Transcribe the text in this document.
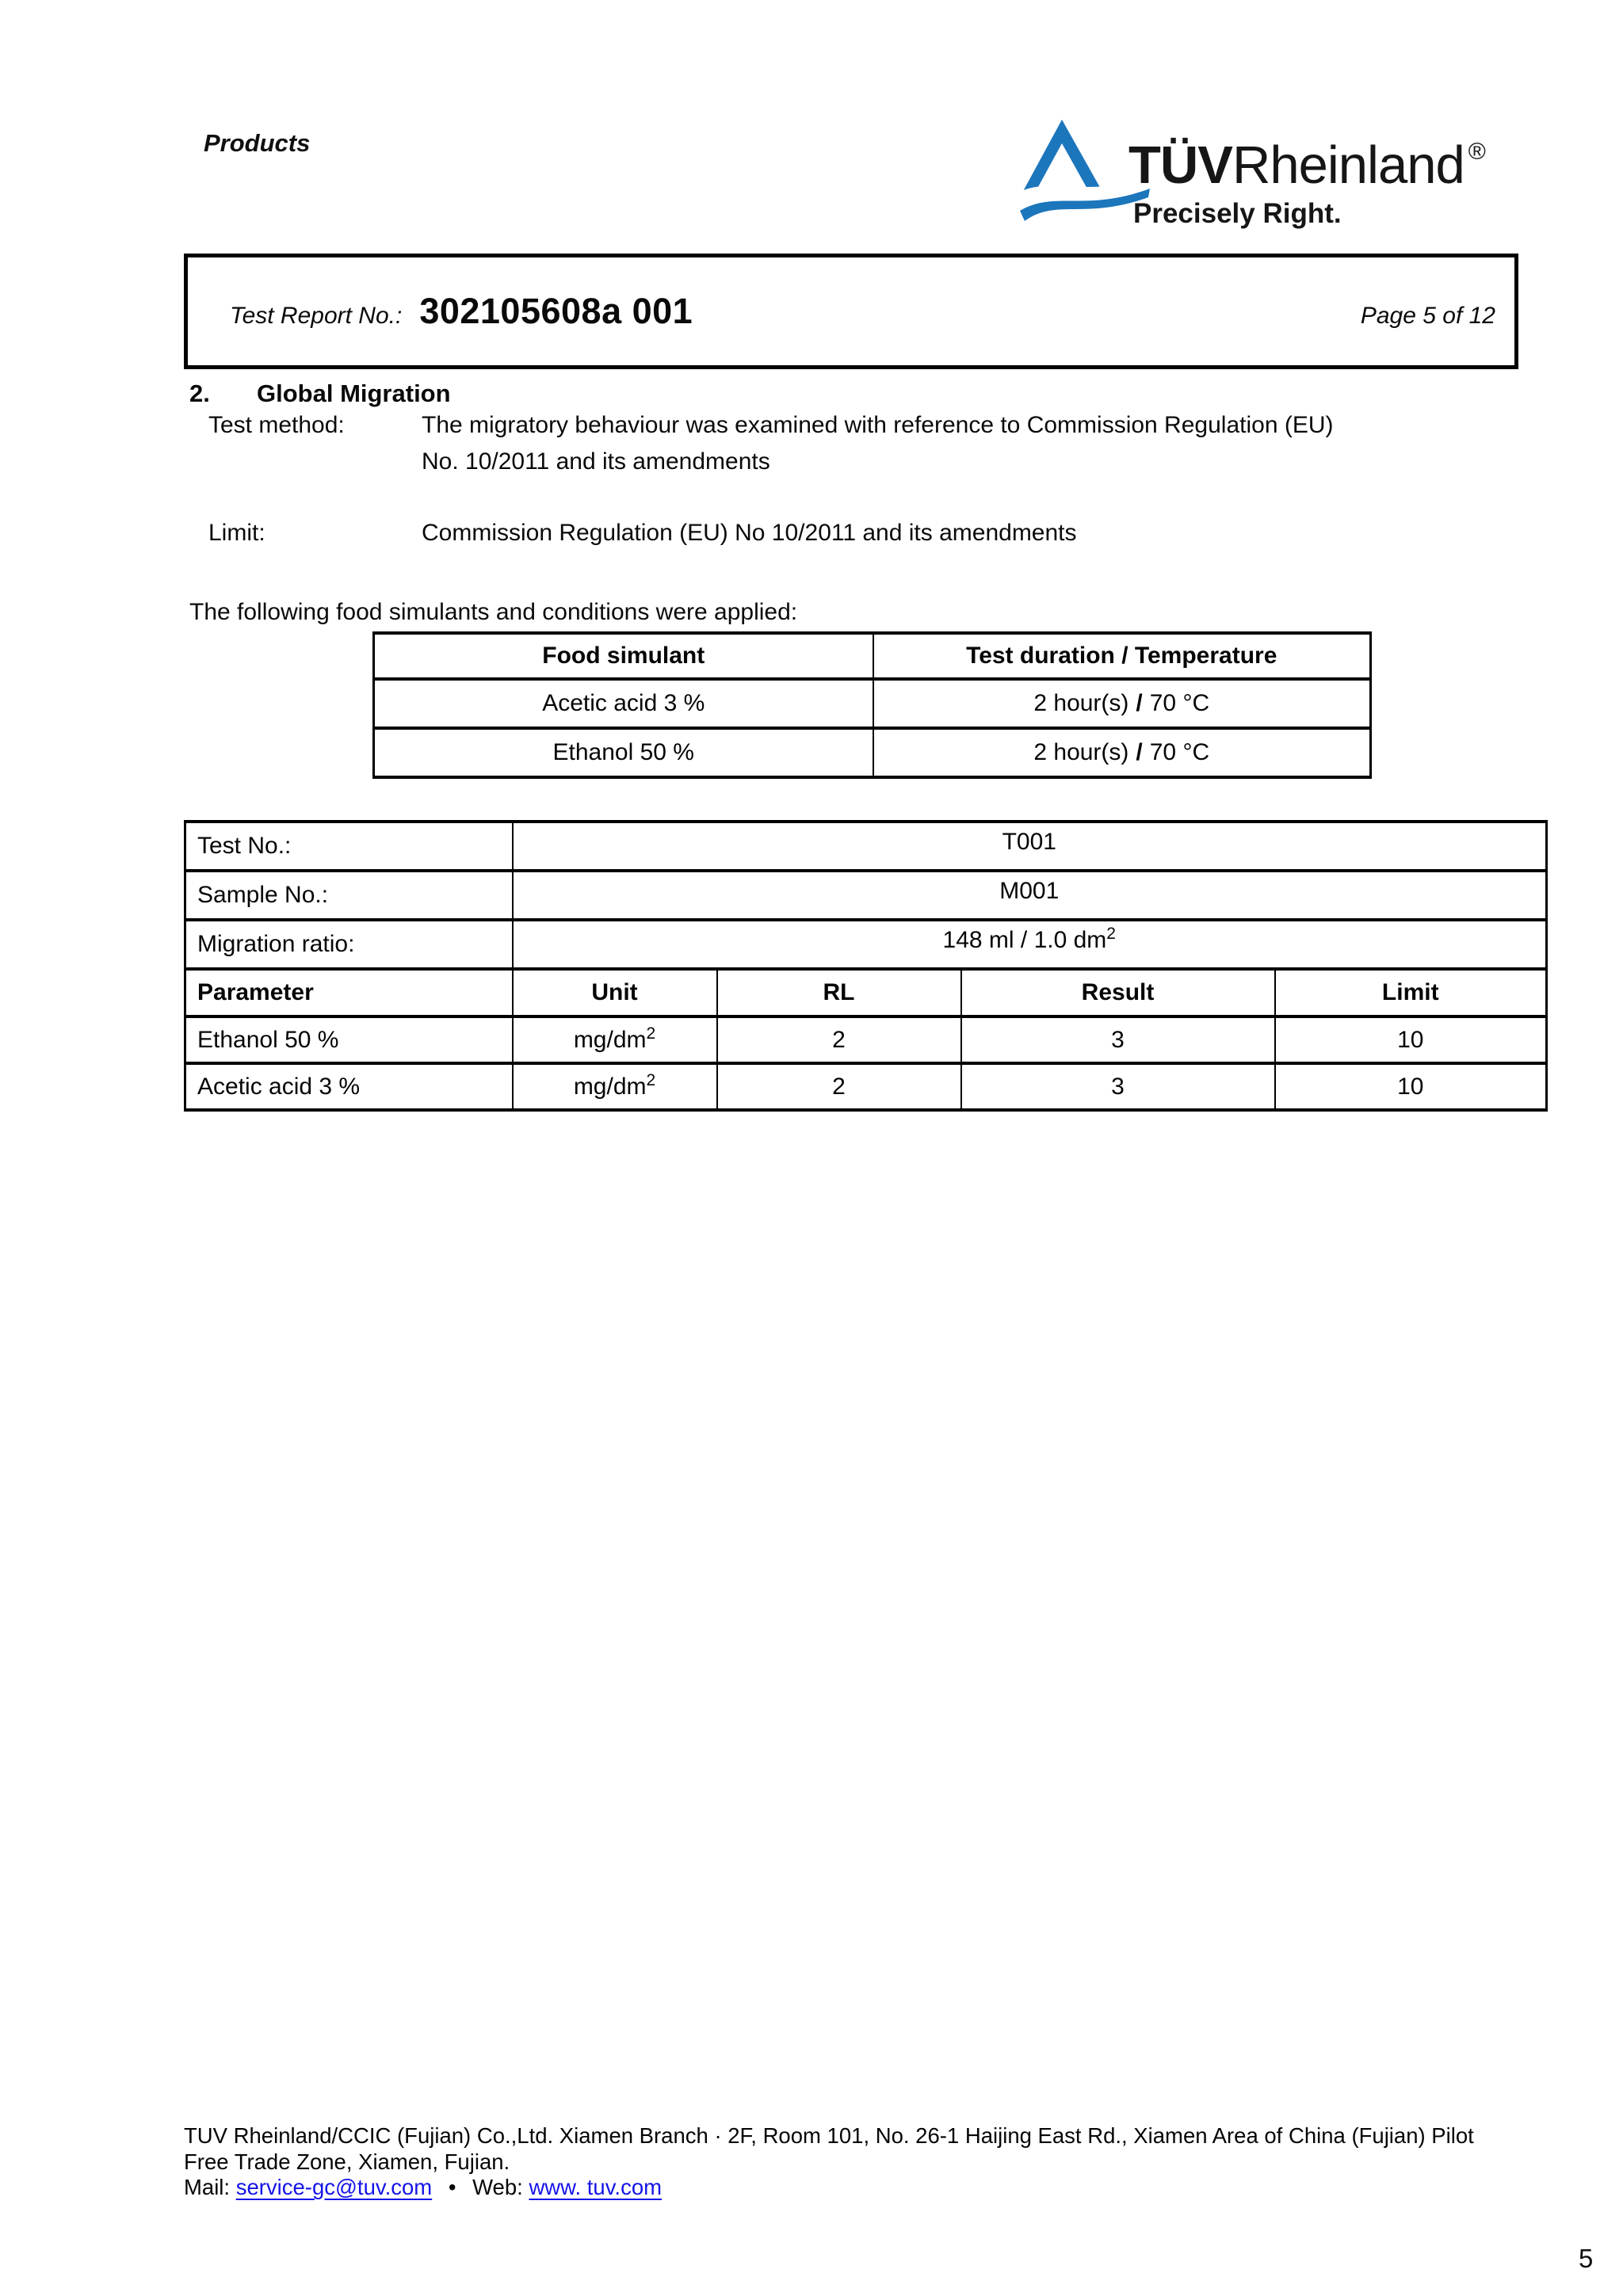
Products	TÜVRheinland ®
Precisely Right.
Test Report No.: 302105608a 001	Page 5 of 12
2.	Global Migration
Test method:	The migratory behaviour was examined with reference to Commission Regulation (EU)
No. 10/2011 and its amendments
Limit:	Commission Regulation (EU) No 10/2011 and its amendments
The following food simulants and conditions were applied:
Food simulant	Test duration / Temperature
Acetic acid 3 %	2 hour(s) / 70 °C
Ethanol 50 %	2 hour(s) / 70 °C
Test No.:	T001			
Sample No.:	M001			
Migration ratio:	148 ml / 1.0 $dm^2$
Parameter	Unit	RL	Result	Limit
Ethanol 50 %	$mg/dm^2$	2	3	10
Acetic acid 3 %	$mg/dm^2$	2	3	10
TUV Rheinland/CCIC (Fujian) Co.,Ltd. Xiamen Branch · 2F, Room 101, No. 26-1 Haijing East Rd., Xiamen Area of China (Fujian) Pilot
Free Trade Zone, Xiamen, Fujian.
Mail: service-gc@tuv.com • Web: www. tuv.com
5
